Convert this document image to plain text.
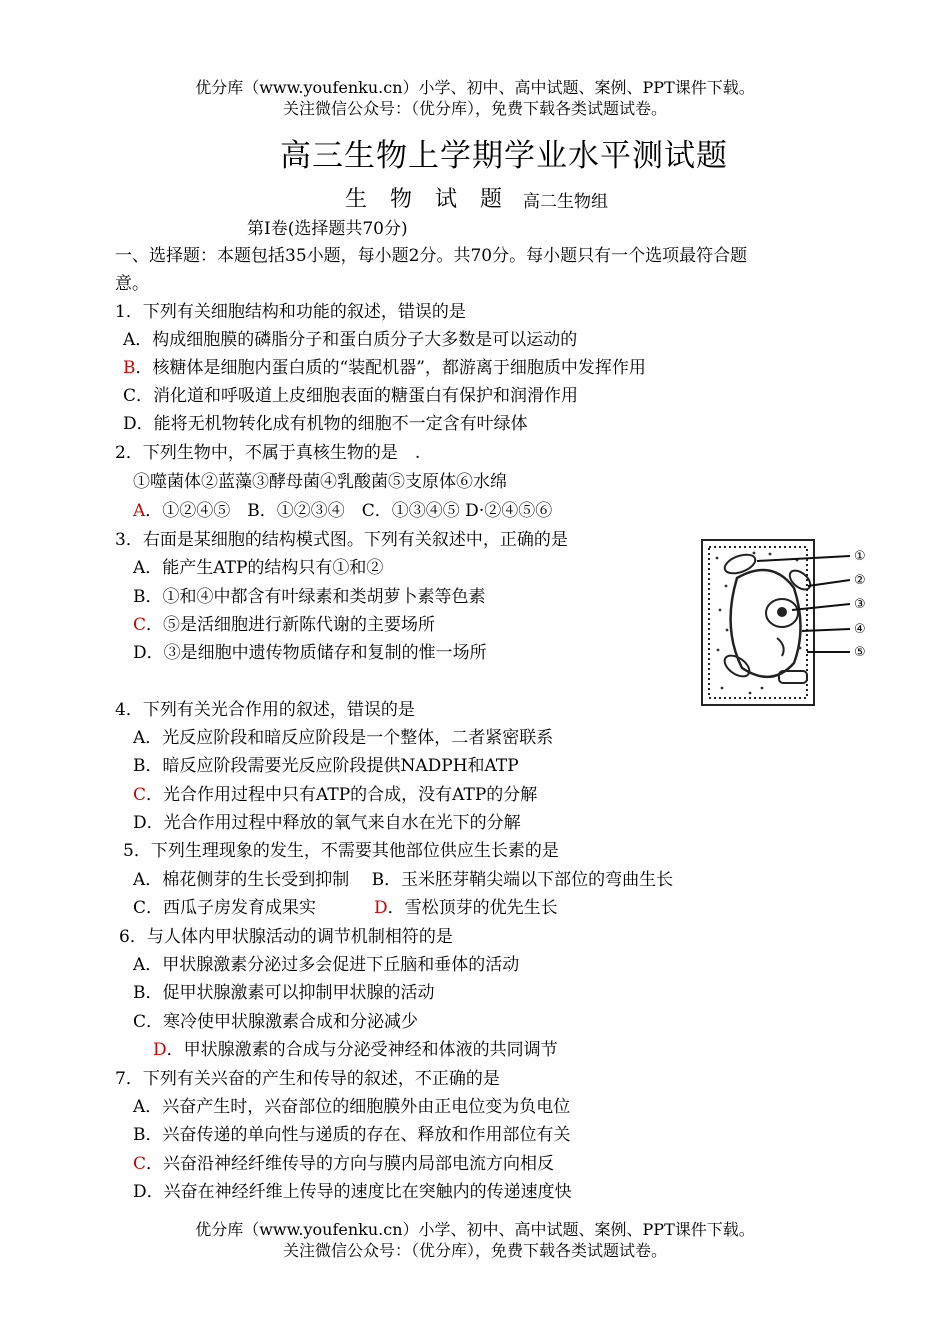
优分库（www.youfenku.cn）小学、初中、高中试题、案例、PPT课件下载。
关注微信公众号：（优分库），免费下载各类试题试卷。
高三生物上学期学业水平测试题
生 物 试 题 高二生物组
第I卷(选择题共70分)
一、选择题：本题包括35小题，每小题2分。共70分。每小题只有一个选项最符合题
意。
1．下列有关细胞结构和功能的叙述，错误的是
A．构成细胞膜的磷脂分子和蛋白质分子大多数是可以运动的
B．核糖体是细胞内蛋白质的“装配机器”，都游离于细胞质中发挥作用
C．消化道和呼吸道上皮细胞表面的糖蛋白有保护和润滑作用
D．能将无机物转化成有机物的细胞不一定含有叶绿体
2．下列生物中，不属于真核生物的是　.
①噬菌体②蓝藻③酵母菌④乳酸菌⑤支原体⑥水绵
A．①②④⑤　B．①②③④　C．①③④⑤ D·②④⑤⑥
3．右面是某细胞的结构模式图。下列有关叙述中，正确的是
A．能产生ATP的结构只有①和②
B．①和④中都含有叶绿素和类胡萝卜素等色素
C．⑤是活细胞进行新陈代谢的主要场所
D．③是细胞中遗传物质储存和复制的惟一场所
①
②
③
④
⑤
4．下列有关光合作用的叙述，错误的是
A．光反应阶段和暗反应阶段是一个整体，二者紧密联系
B．暗反应阶段需要光反应阶段提供NADPH和ATP
C．光合作用过程中只有ATP的合成，没有ATP的分解
D．光合作用过程中释放的氧气来自水在光下的分解
5．下列生理现象的发生，不需要其他部位供应生长素的是
A．棉花侧芽的生长受到抑制　 B．玉米胚芽鞘尖端以下部位的弯曲生长
C．西瓜子房发育成果实	D．雪松顶芽的优先生长
6．与人体内甲状腺活动的调节机制相符的是
A．甲状腺激素分泌过多会促进下丘脑和垂体的活动
B．促甲状腺激素可以抑制甲状腺的活动
C．寒冷使甲状腺激素合成和分泌减少
D．甲状腺激素的合成与分泌受神经和体液的共同调节
7．下列有关兴奋的产生和传导的叙述，不正确的是
A．兴奋产生时，兴奋部位的细胞膜外由正电位变为负电位
B．兴奋传递的单向性与递质的存在、释放和作用部位有关
C．兴奋沿神经纤维传导的方向与膜内局部电流方向相反
D．兴奋在神经纤维上传导的速度比在突触内的传递速度快
优分库（www.youfenku.cn）小学、初中、高中试题、案例、PPT课件下载。
关注微信公众号：（优分库），免费下载各类试题试卷。
